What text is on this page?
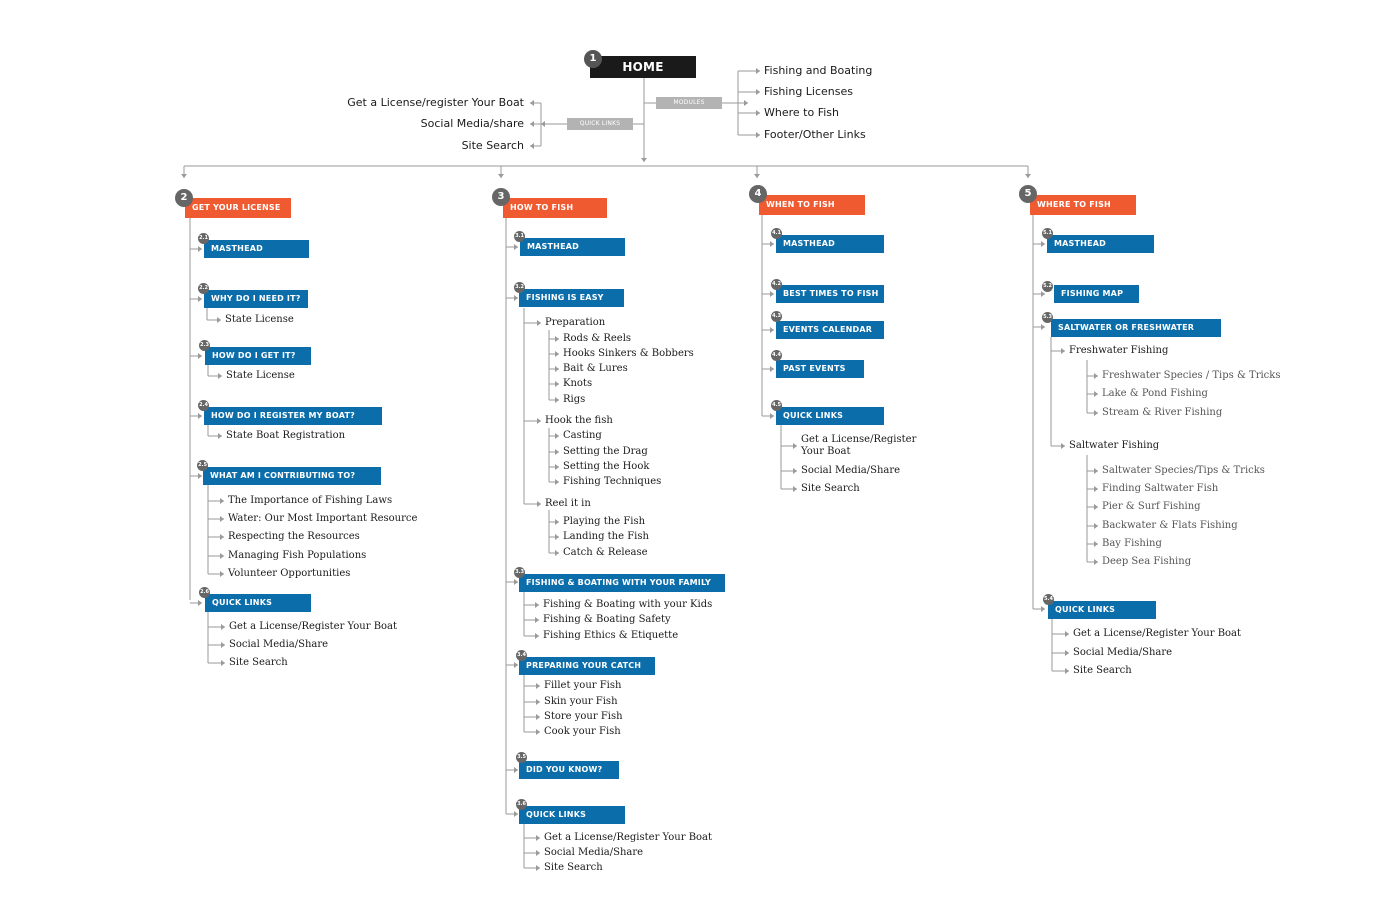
HOME
1
MODULES
QUICK LINKS
Fishing and Boating
Fishing Licenses
Where to Fish
Footer/Other Links
Get a License/register Your Boat
Social Media/share
Site Search
GET YOUR LICENSE
2
MASTHEAD
2.1
WHY DO I NEED IT?
2.2
State License
HOW DO I GET IT?
2.3
State License
HOW DO I REGISTER MY BOAT?
2.4
State Boat Registration
WHAT AM I CONTRIBUTING TO?
2.5
The Importance of Fishing Laws
Water: Our Most Important Resource
Respecting the Resources
Managing Fish Populations
Volunteer Opportunities
QUICK LINKS
2.6
Get a License/Register Your Boat
Social Media/Share
Site Search
HOW TO FISH
3
MASTHEAD
3.1
FISHING IS EASY
3.2
Preparation
Rods & Reels
Hooks Sinkers & Bobbers
Bait & Lures
Knots
Rigs
Hook the fish
Casting
Setting the Drag
Setting the Hook
Fishing Techniques
Reel it in
Playing the Fish
Landing the Fish
Catch & Release
FISHING & BOATING WITH YOUR FAMILY
3.3
Fishing & Boating with your Kids
Fishing & Boating Safety
Fishing Ethics & Etiquette
PREPARING YOUR CATCH
3.4
Fillet your Fish
Skin your Fish
Store your Fish
Cook your Fish
DID YOU KNOW?
3.5
QUICK LINKS
3.6
Get a License/Register Your Boat
Social Media/Share
Site Search
WHEN TO FISH
4
MASTHEAD
4.1
BEST TIMES TO FISH
4.2
EVENTS CALENDAR
4.3
PAST EVENTS
4.4
QUICK LINKS
4.5
Get a License/Register
Your Boat
Social Media/Share
Site Search
WHERE TO FISH
5
MASTHEAD
5.1
FISHING MAP
5.2
SALTWATER OR FRESHWATER
5.3
Freshwater Fishing
Freshwater Species / Tips & Tricks
Lake & Pond Fishing
Stream & River Fishing
Saltwater Fishing
Saltwater Species/Tips & Tricks
Finding Saltwater Fish
Pier & Surf Fishing
Backwater & Flats Fishing
Bay Fishing
Deep Sea Fishing
QUICK LINKS
5.4
Get a License/Register Your Boat
Social Media/Share
Site Search
